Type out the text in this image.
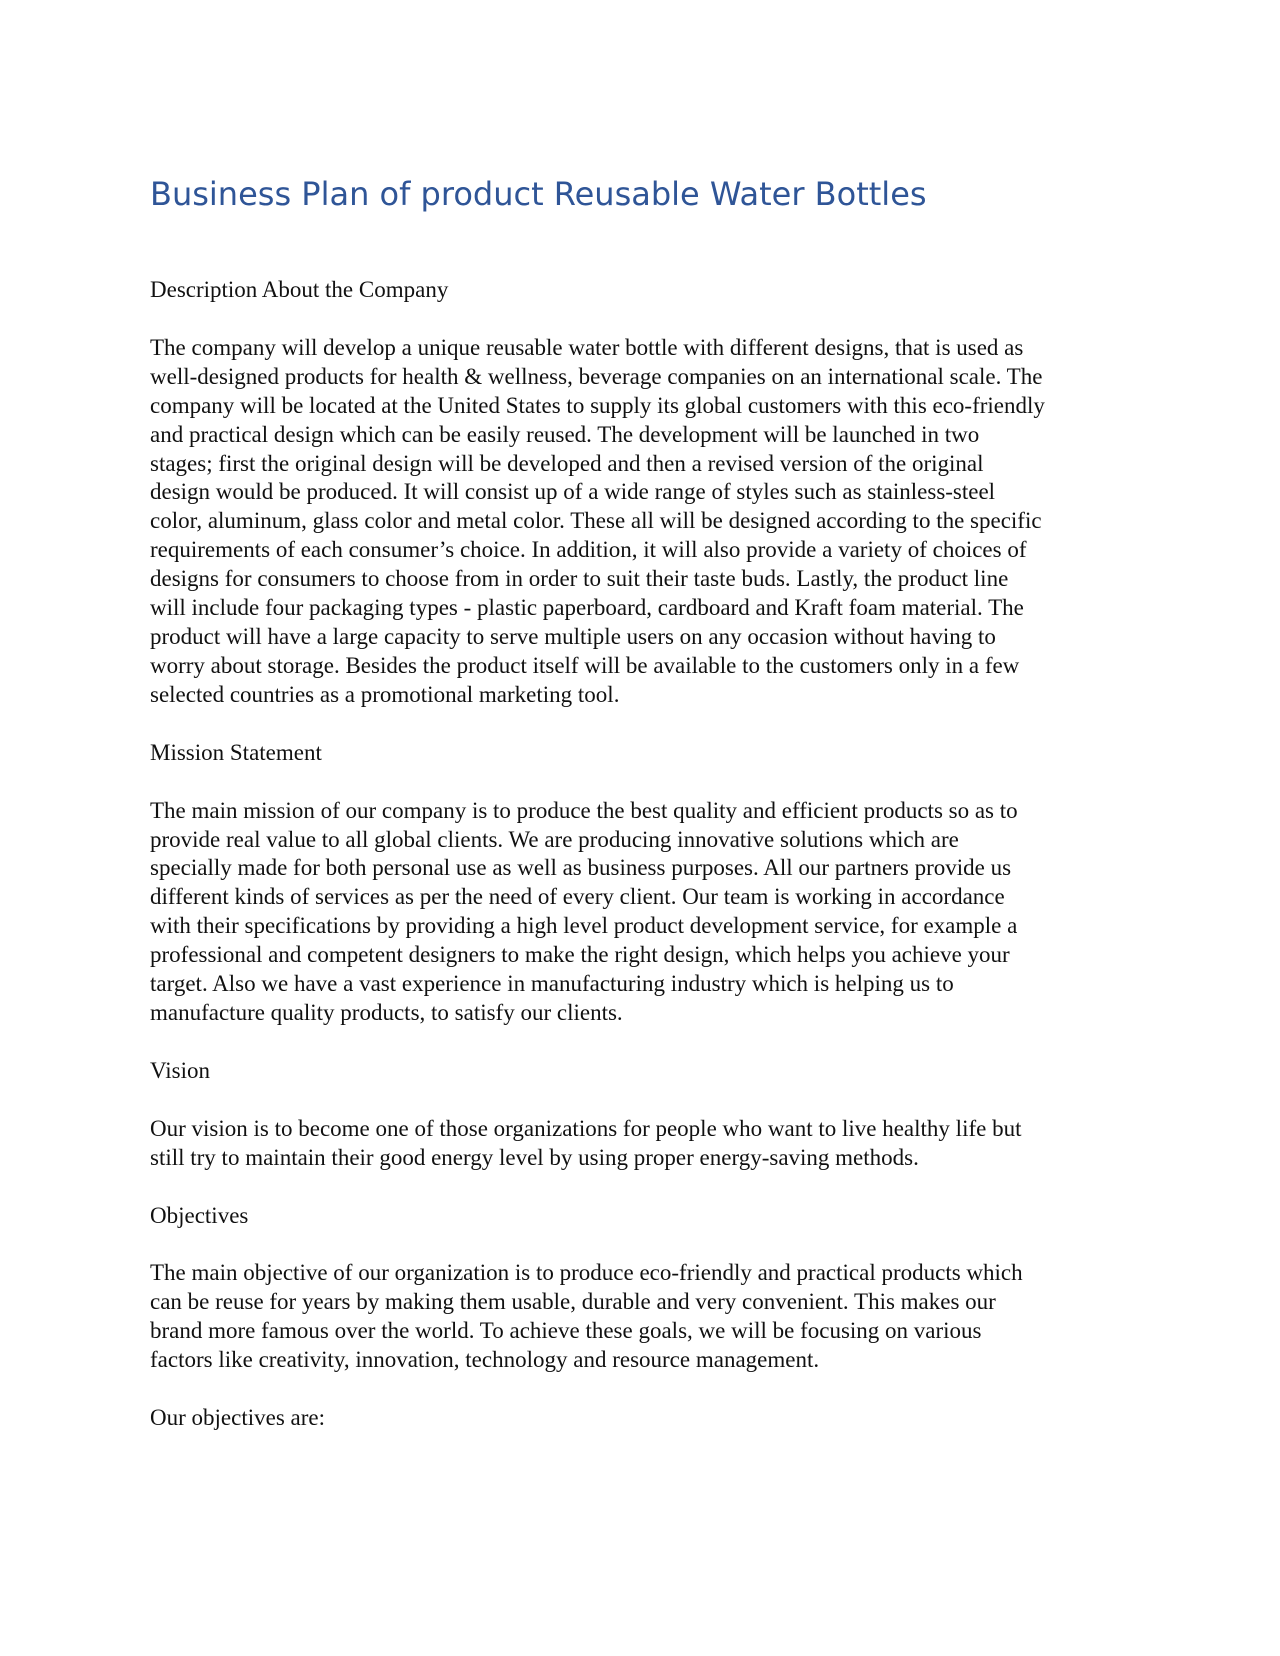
Business Plan of product Reusable Water Bottles
Description About the Company

The company will develop a unique reusable water bottle with different designs, that is used as
well-designed products for health & wellness, beverage companies on an international scale. The
company will be located at the United States to supply its global customers with this eco-friendly
and practical design which can be easily reused. The development will be launched in two
stages; first the original design will be developed and then a revised version of the original
design would be produced. It will consist up of a wide range of styles such as stainless-steel
color, aluminum, glass color and metal color. These all will be designed according to the specific
requirements of each consumer’s choice. In addition, it will also provide a variety of choices of
designs for consumers to choose from in order to suit their taste buds. Lastly, the product line
will include four packaging types - plastic paperboard, cardboard and Kraft foam material. The
product will have a large capacity to serve multiple users on any occasion without having to
worry about storage. Besides the product itself will be available to the customers only in a few
selected countries as a promotional marketing tool.

Mission Statement

The main mission of our company is to produce the best quality and efficient products so as to
provide real value to all global clients. We are producing innovative solutions which are
specially made for both personal use as well as business purposes. All our partners provide us
different kinds of services as per the need of every client. Our team is working in accordance
with their specifications by providing a high level product development service, for example a
professional and competent designers to make the right design, which helps you achieve your
target. Also we have a vast experience in manufacturing industry which is helping us to
manufacture quality products, to satisfy our clients.

Vision

Our vision is to become one of those organizations for people who want to live healthy life but
still try to maintain their good energy level by using proper energy-saving methods.

Objectives

The main objective of our organization is to produce eco-friendly and practical products which
can be reuse for years by making them usable, durable and very convenient. This makes our
brand more famous over the world. To achieve these goals, we will be focusing on various
factors like creativity, innovation, technology and resource management.

Our objectives are:
